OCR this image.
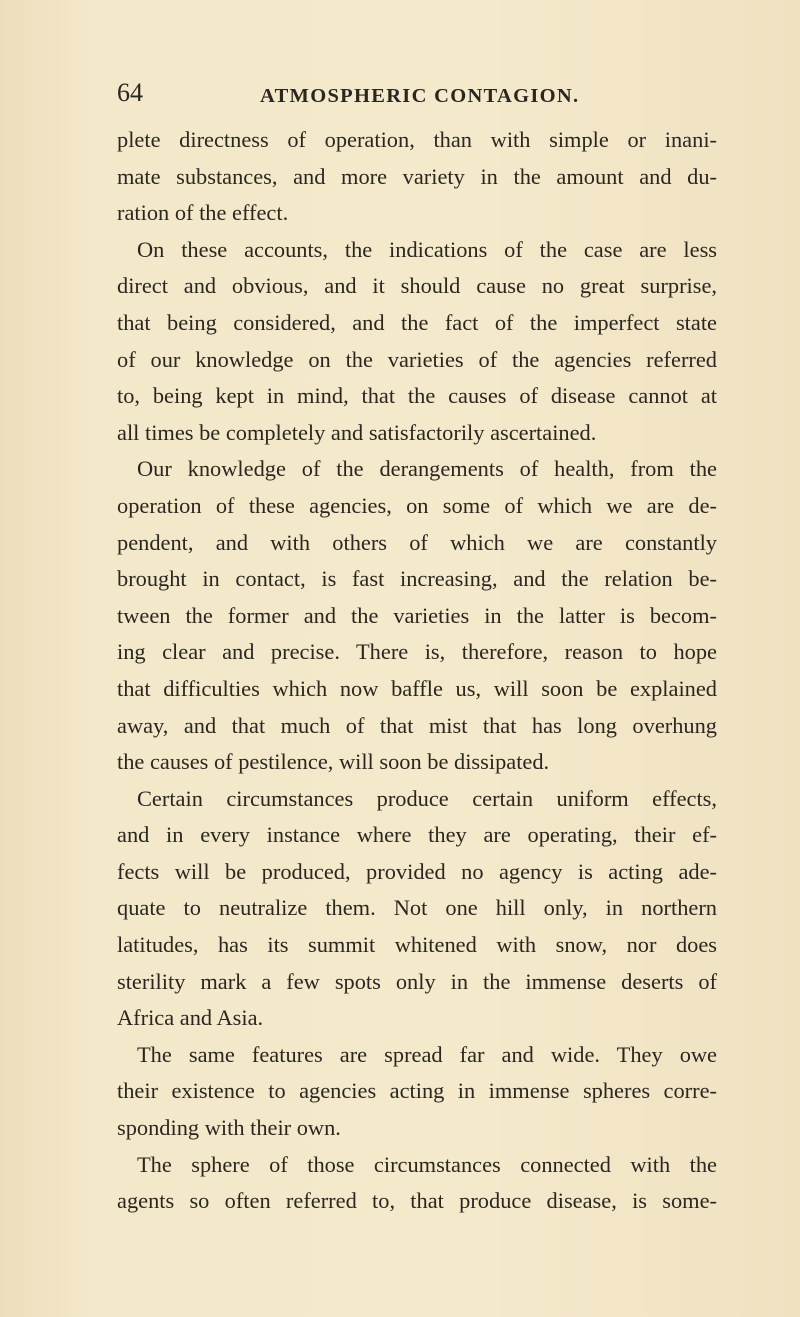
64	ATMOSPHERIC CONTAGION.
plete directness of operation, than with simple or inani-
mate substances, and more variety in the amount and du-
ration of the effect.
On these accounts, the indications of the case are less
direct and obvious, and it should cause no great surprise,
that being considered, and the fact of the imperfect state
of our knowledge on the varieties of the agencies referred
to, being kept in mind, that the causes of disease cannot at
all times be completely and satisfactorily ascertained.
Our knowledge of the derangements of health, from the
operation of these agencies, on some of which we are de-
pendent, and with others of which we are constantly
brought in contact, is fast increasing, and the relation be-
tween the former and the varieties in the latter is becom-
ing clear and precise. There is, therefore, reason to hope
that difficulties which now baffle us, will soon be explained
away, and that much of that mist that has long overhung
the causes of pestilence, will soon be dissipated.
Certain circumstances produce certain uniform effects,
and in every instance where they are operating, their ef-
fects will be produced, provided no agency is acting ade-
quate to neutralize them. Not one hill only, in northern
latitudes, has its summit whitened with snow, nor does
sterility mark a few spots only in the immense deserts of
Africa and Asia.
The same features are spread far and wide. They owe
their existence to agencies acting in immense spheres corre-
sponding with their own.
The sphere of those circumstances connected with the
agents so often referred to, that produce disease, is some-
